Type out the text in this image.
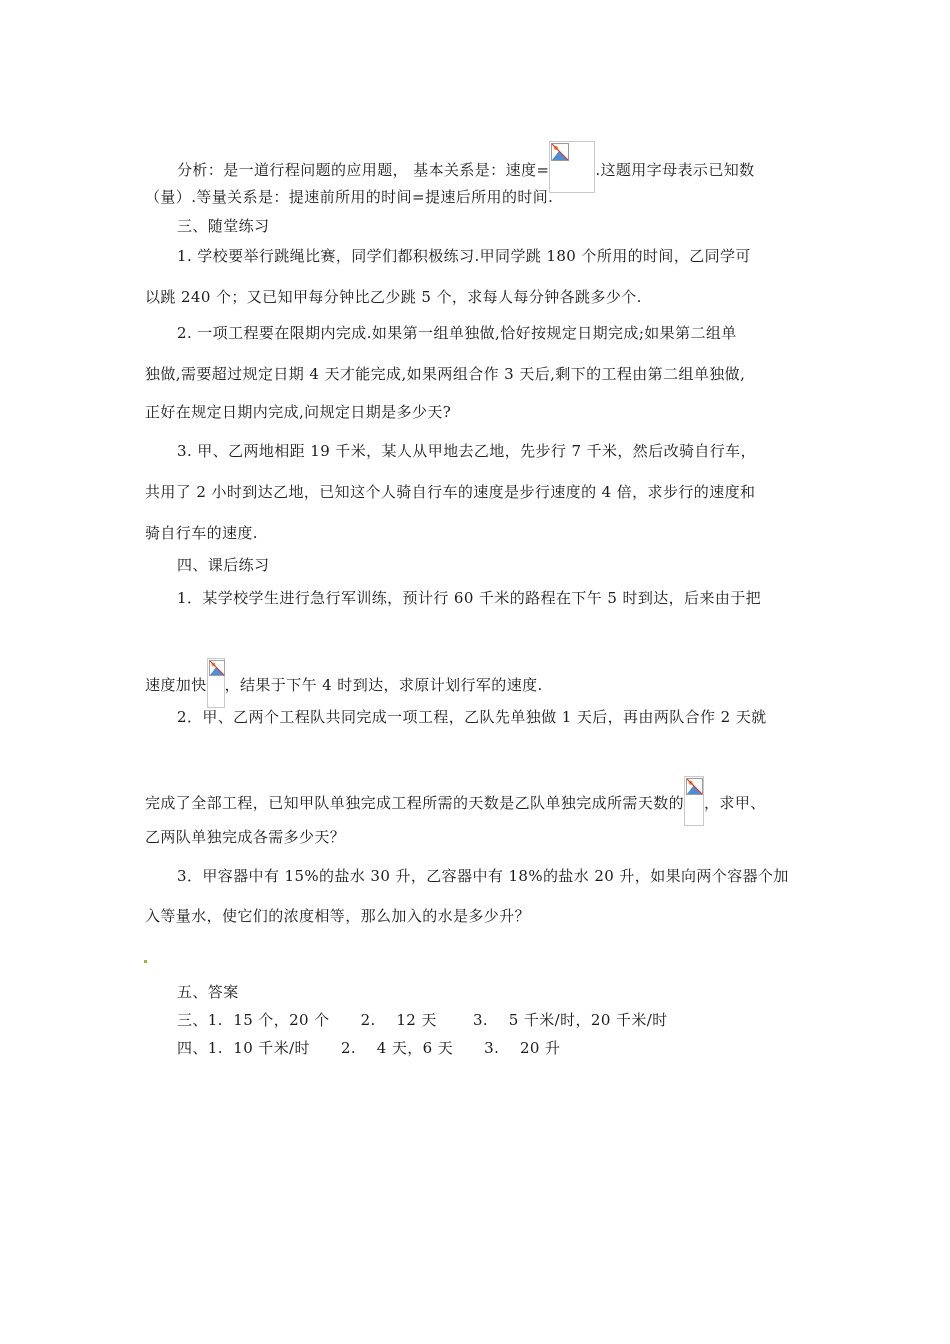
分析：是一道行程问题的应用题， 基本关系是：速度=	.这题用字母表示已知数
（量）.等量关系是：提速前所用的时间=提速后所用的时间.
三、随堂练习
1. 学校要举行跳绳比赛，同学们都积极练习.甲同学跳 180 个所用的时间，乙同学可
以跳 240 个；又已知甲每分钟比乙少跳 5 个，求每人每分钟各跳多少个.
2. 一项工程要在限期内完成.如果第一组单独做,恰好按规定日期完成;如果第二组单
独做,需要超过规定日期 4 天才能完成,如果两组合作 3 天后,剩下的工程由第二组单独做,
正好在规定日期内完成,问规定日期是多少天?
3. 甲、乙两地相距 19 千米，某人从甲地去乙地，先步行 7 千米，然后改骑自行车，
共用了 2 小时到达乙地，已知这个人骑自行车的速度是步行速度的 4 倍，求步行的速度和
骑自行车的速度.
四、课后练习
1．某学校学生进行急行军训练，预计行 60 千米的路程在下午 5 时到达，后来由于把
速度加快 ，结果于下午 4 时到达，求原计划行军的速度.
2．甲、乙两个工程队共同完成一项工程，乙队先单独做 1 天后，再由两队合作 2 天就
完成了全部工程，已知甲队单独完成工程所需的天数是乙队单独完成所需天数的 ，求甲、
乙两队单独完成各需多少天？
3．甲容器中有 15%的盐水 30 升，乙容器中有 18%的盐水 20 升，如果向两个容器个加
入等量水，使它们的浓度相等，那么加入的水是多少升？
五、答案
三、1.  15 个，20 个      2.    12 天       3.    5 千米/时，20 千米/时
四、1.  10 千米/时      2.    4 天，6 天      3.    20 升
